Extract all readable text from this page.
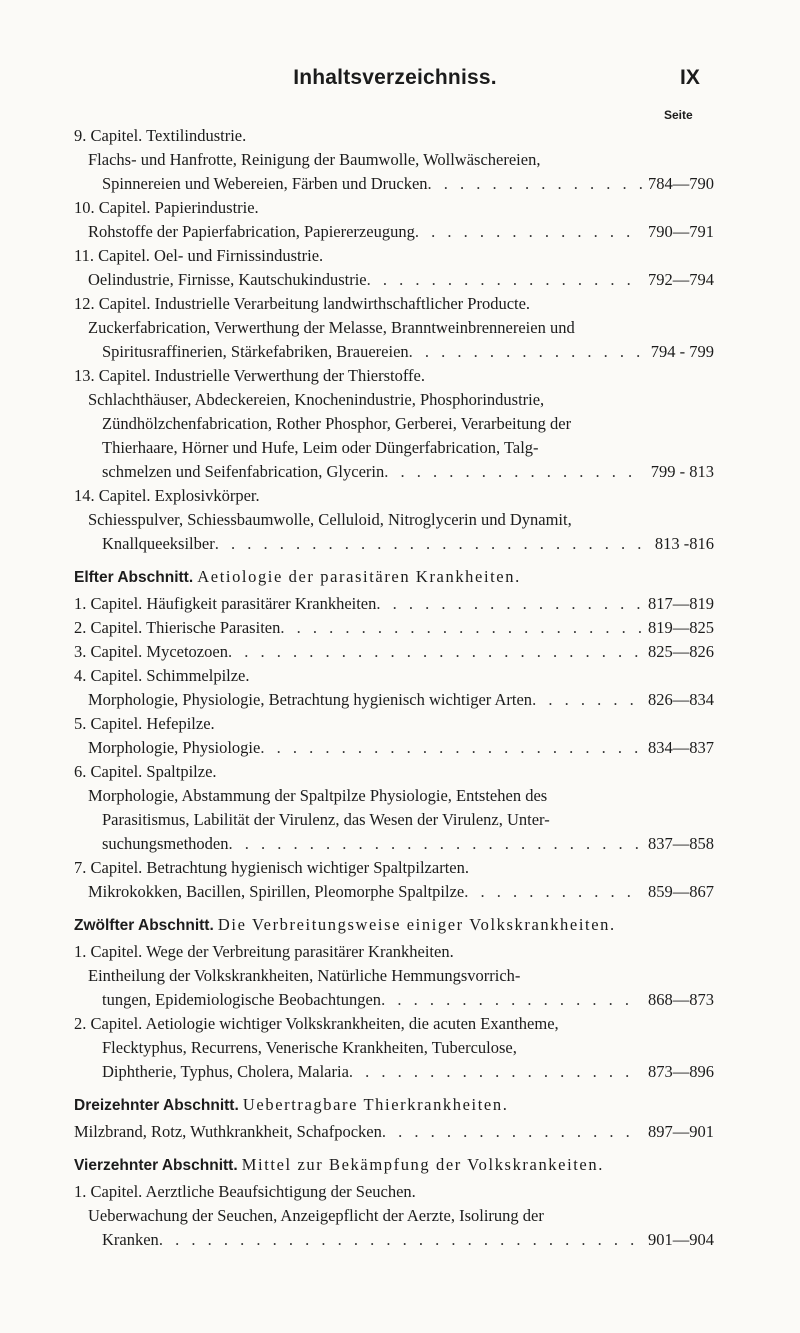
Inhaltsverzeichniss.	IX
Seite
9. Capitel. Textilindustrie.
Flachs- und Hanfrotte, Reinigung der Baumwolle, Wollwäschereien,
Spinnereien und Webereien, Färben und Drucken . . .	784—790
10. Capitel. Papierindustrie.
Rohstoffe der Papierfabrication, Papiererzeugung . . .	790—791
11. Capitel. Oel- und Firnissindustrie.
Oelindustrie, Firnisse, Kautschukindustrie . . .	792—794
12. Capitel. Industrielle Verarbeitung landwirthschaftlicher Producte.
Zuckerfabrication, Verwerthung der Melasse, Branntweinbrennereien und
Spiritusraffinerien, Stärkefabriken, Brauereien . . .	794 - 799
13. Capitel. Industrielle Verwerthung der Thierstoffe.
Schlachthäuser, Abdeckereien, Knochenindustrie, Phosphorindustrie,
Zündhölzchenfabrication, Rother Phosphor, Gerberei, Verarbeitung der
Thierhaare, Hörner und Hufe, Leim oder Düngerfabrication, Talg-
schmelzen und Seifenfabrication, Glycerin . . .	799 - 813
14. Capitel. Explosivkörper.
Schiesspulver, Schiessbaumwolle, Celluloid, Nitroglycerin und Dynamit,
Knallqueeksilber . . .	813 -816
Elfter Abschnitt. Aetiologie der parasitären Krankheiten.
1. Capitel. Häufigkeit parasitärer Krankheiten . . .	817—819
2. Capitel. Thierische Parasiten . . .	819—825
3. Capitel. Mycetozoen . . .	825—826
4. Capitel. Schimmelpilze.
Morphologie, Physiologie, Betrachtung hygienisch wichtiger Arten . . .	826—834
5. Capitel. Hefepilze.
Morphologie, Physiologie . . .	834—837
6. Capitel. Spaltpilze.
Morphologie, Abstammung der Spaltpilze Physiologie, Entstehen des
Parasitismus, Labilität der Virulenz, das Wesen der Virulenz, Unter-
suchungsmethoden . . .	837—858
7. Capitel. Betrachtung hygienisch wichtiger Spaltpilzarten.
Mikrokokken, Bacillen, Spirillen, Pleomorphe Spaltpilze . . .	859—867
Zwölfter Abschnitt. Die Verbreitungsweise einiger Volkskrankheiten.
1. Capitel. Wege der Verbreitung parasitärer Krankheiten.
Eintheilung der Volkskrankheiten, Natürliche Hemmungsvorrich-
tungen, Epidemiologische Beobachtungen . . .	868—873
2. Capitel. Aetiologie wichtiger Volkskrankheiten, die acuten Exantheme,
Flecktyphus, Recurrens, Venerische Krankheiten, Tuberculose,
Diphtherie, Typhus, Cholera, Malaria . . .	873—896
Dreizehnter Abschnitt. Uebertragbare Thierkrankheiten.
Milzbrand, Rotz, Wuthkrankheit, Schafpocken . . .	897—901
Vierzehnter Abschnitt. Mittel zur Bekämpfung der Volkskrankeiten.
1. Capitel. Aerztliche Beaufsichtigung der Seuchen.
Ueberwachung der Seuchen, Anzeigepflicht der Aerzte, Isolirung der
Kranken . . .	901—904
